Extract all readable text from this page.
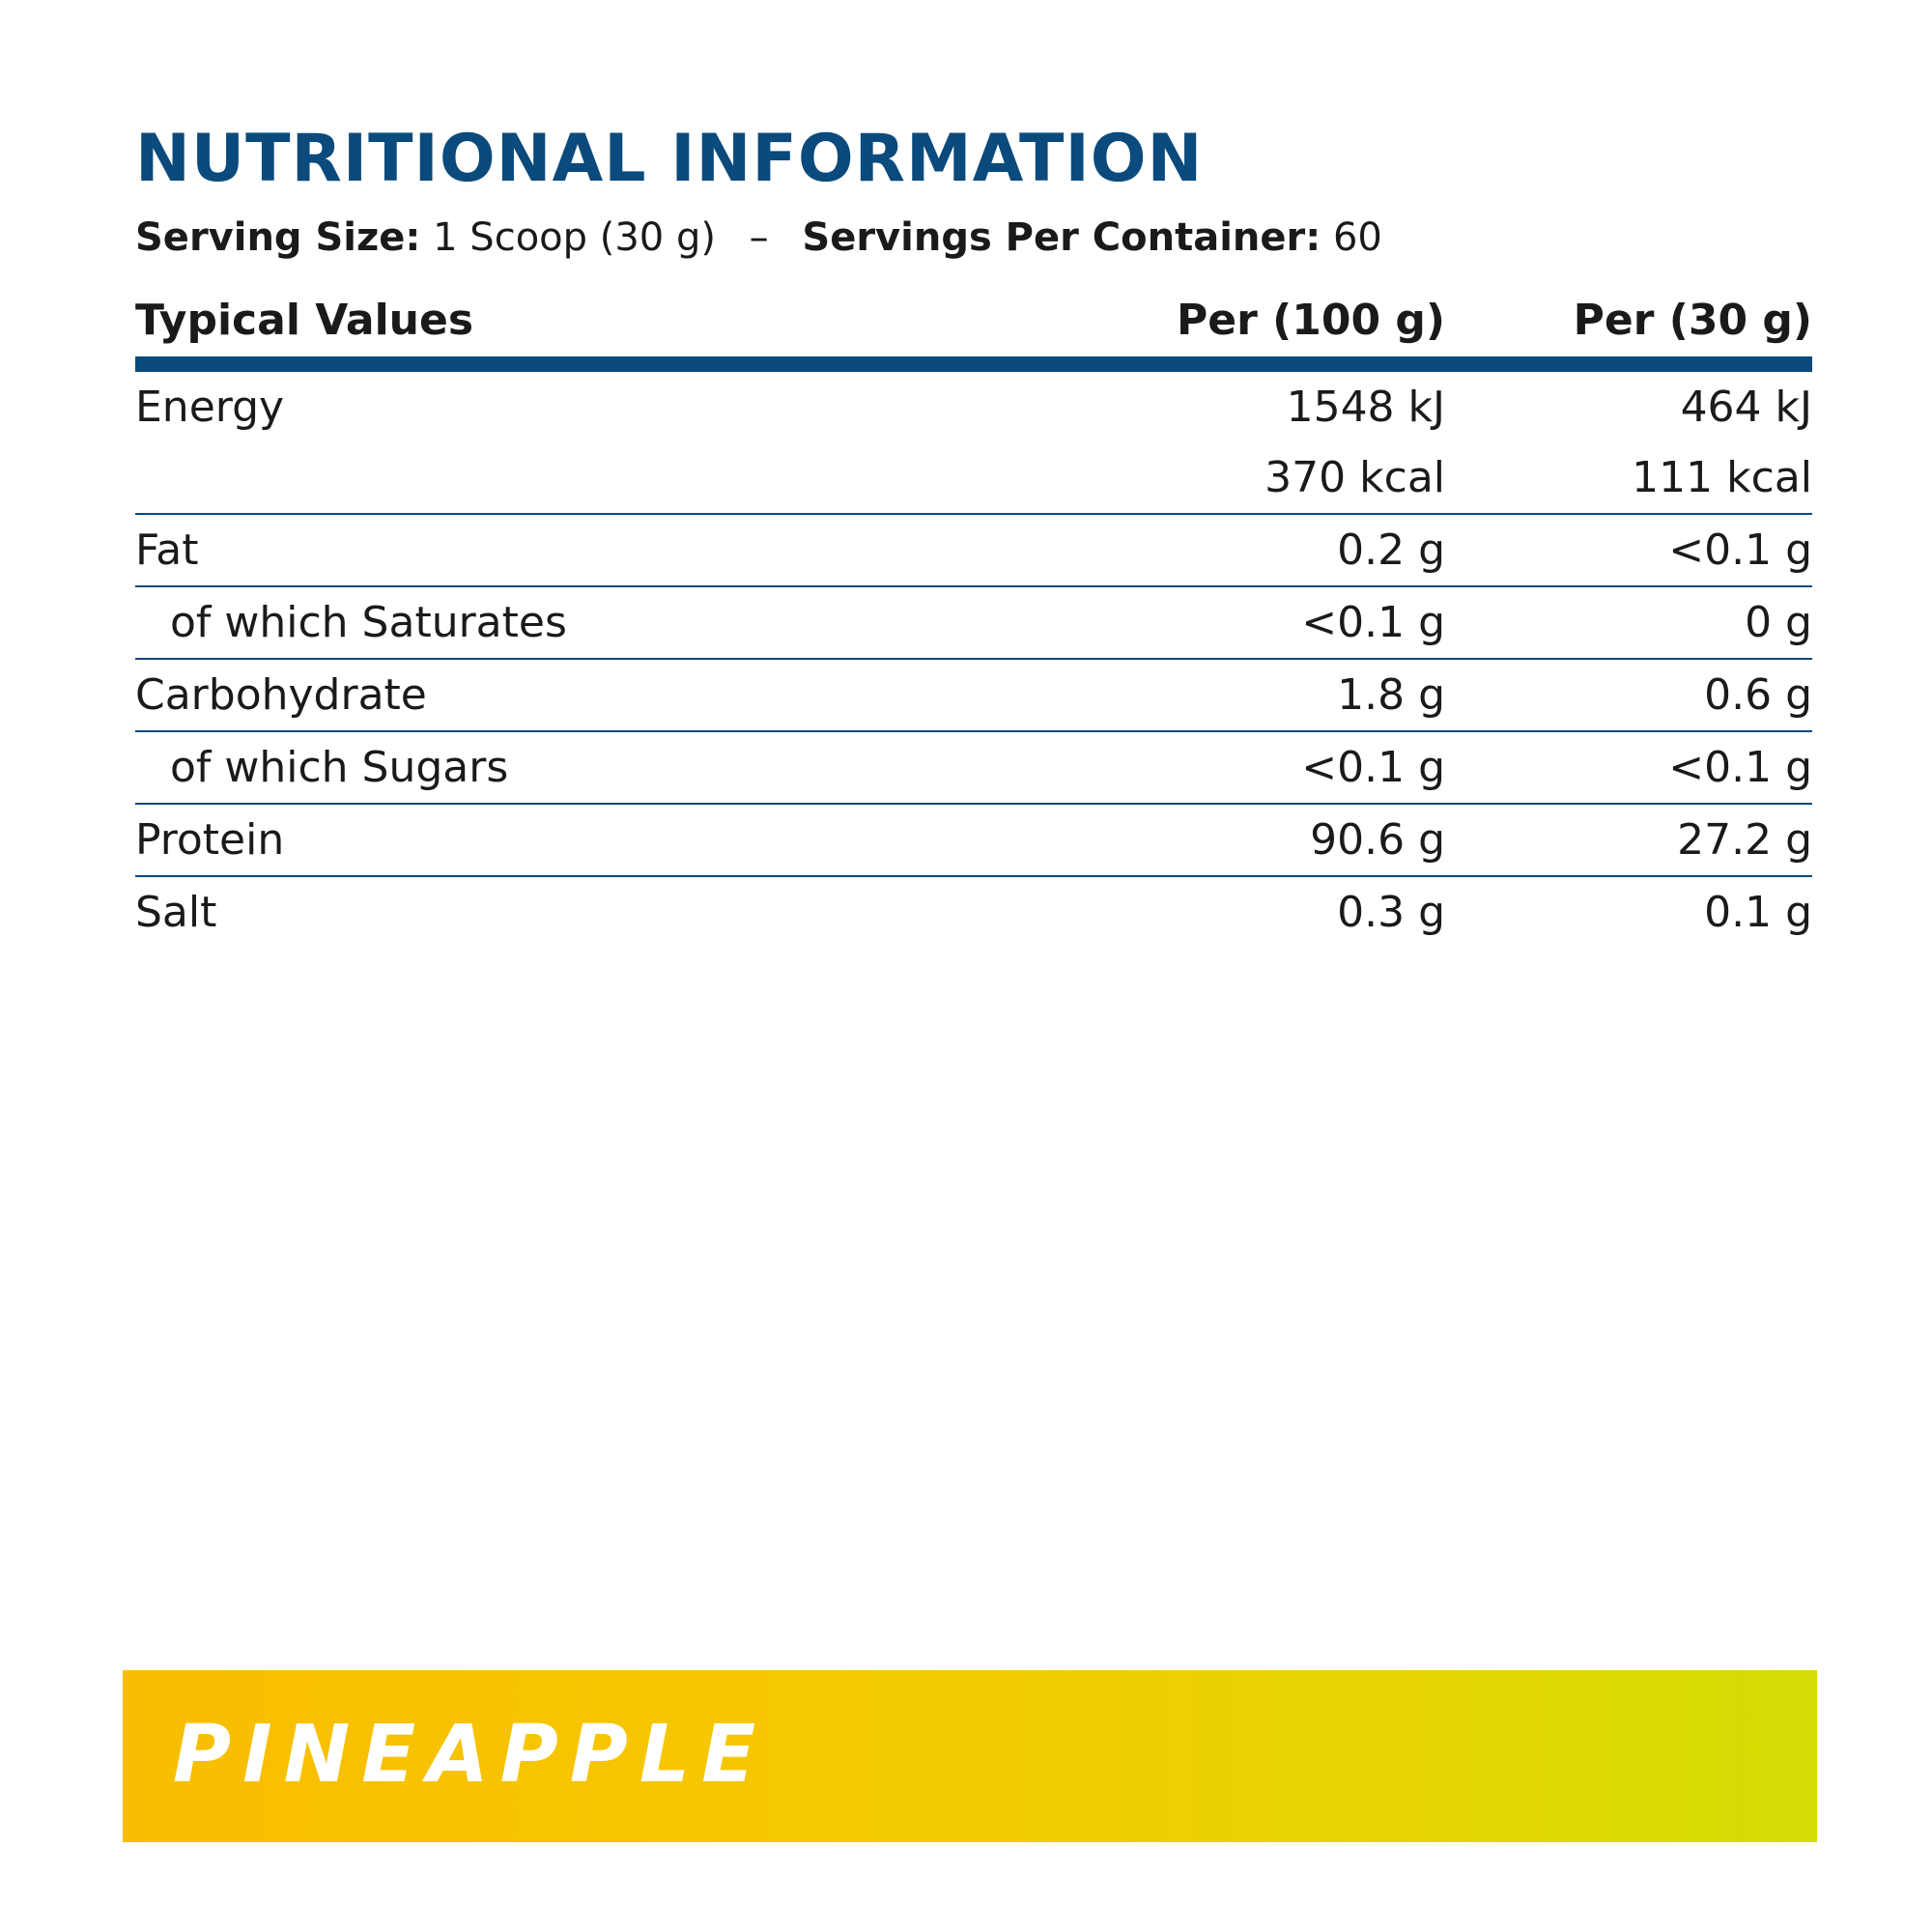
NUTRITIONAL INFORMATION
Serving Size: 1 Scoop (30 g) – Servings Per Container: 60
Typical Values	Per (100 g)	Per (30 g)
Energy	1548 kJ	464 kJ
	370 kcal	111 kcal
Fat	0.2 g	<0.1 g
of which Saturates	<0.1 g	0 g
Carbohydrate	1.8 g	0.6 g
of which Sugars	<0.1 g	<0.1 g
Protein	90.6 g	27.2 g
Salt	0.3 g	0.1 g

PINEAPPLE
